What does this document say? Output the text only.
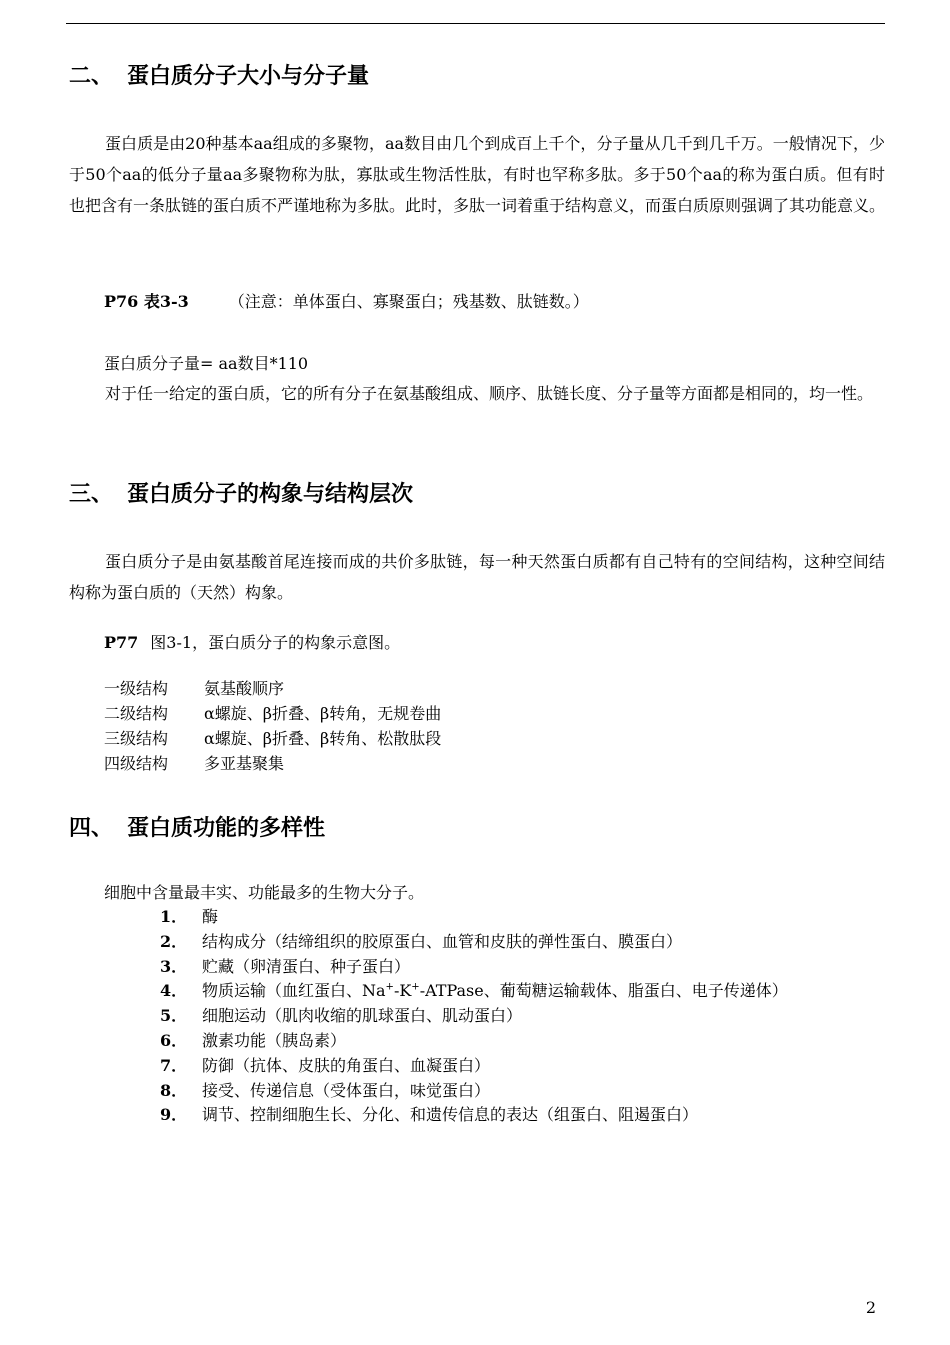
二、 蛋白质分子大小与分子量

蛋白质是由20种基本aa组成的多聚物，aa数目由几个到成百上千个，分子量从几千到几千万。一般情况下，少于50个aa的低分子量aa多聚物称为肽，寡肽或生物活性肽，有时也罕称多肽。多于50个aa的称为蛋白质。但有时也把含有一条肽链的蛋白质不严谨地称为多肽。此时，多肽一词着重于结构意义，而蛋白质原则强调了其功能意义。

P76 表3-3	（注意：单体蛋白、寡聚蛋白；残基数、肽链数。）

蛋白质分子量= aa数目*110

对于任一给定的蛋白质，它的所有分子在氨基酸组成、顺序、肽链长度、分子量等方面都是相同的，均一性。

三、 蛋白质分子的构象与结构层次

蛋白质分子是由氨基酸首尾连接而成的共价多肽链，每一种天然蛋白质都有自己特有的空间结构，这种空间结构称为蛋白质的（天然）构象。

P77 图3-1，蛋白质分子的构象示意图。

一级结构 氨基酸顺序

二级结构 α螺旋、β折叠、β转角，无规卷曲

三级结构 α螺旋、β折叠、β转角、松散肽段

四级结构 多亚基聚集

四、 蛋白质功能的多样性

细胞中含量最丰实、功能最多的生物大分子。

1． 酶
2． 结构成分（结缔组织的胶原蛋白、血管和皮肤的弹性蛋白、膜蛋白）
3． 贮藏（卵清蛋白、种子蛋白）
4． 物质运输（血红蛋白、Na+-K+-ATPase、葡萄糖运输载体、脂蛋白、电子传递体）
5． 细胞运动（肌肉收缩的肌球蛋白、肌动蛋白）
6． 激素功能（胰岛素）
7． 防御（抗体、皮肤的角蛋白、血凝蛋白）
8． 接受、传递信息（受体蛋白，味觉蛋白）
9． 调节、控制细胞生长、分化、和遗传信息的表达（组蛋白、阻遏蛋白）
2
